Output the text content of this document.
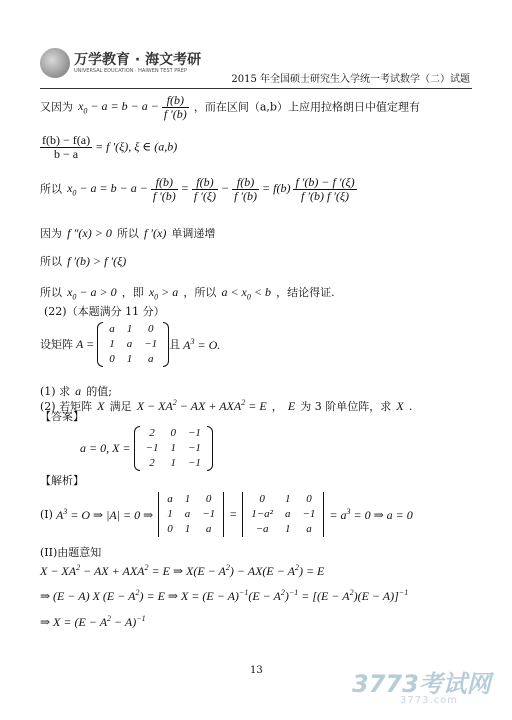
万学教育 · 海文考研
UNIVERSAL EDUCATION · HAIWEN TEST PREP
2015 年全国硕士研究生入学统一考试数学（二）试题
又因为 $x_0 - a = b - a - \frac{f(b)}{f '(b)}$ ，而在区间（a,b）上应用拉格朗日中值定理有
$\frac{f(b) - f(a)}{b - a} = f$ ′(ξ), ξ ∈ (a,b)
所以 $x_0 - a = b - a - \frac{f(b)}{f '(b)} = \frac{f(b)}{f '(\xi)} - \frac{f(b)}{f '(b)} = f(b) \frac{f '(b) - f '(\xi)}{f '(b) f '(\xi)}$
因为 f ″(x) > 0 所以 f ′(x) 单调递增
所以 f ′(b) > f ′(ξ)
所以 $x_0 - a > 0$ ，即 $x_0 > a$ ，所以 $a < x_0 < b$ ，结论得证.
(22)（本题满分 11 分）
设矩阵 A =
a	1	0
1	a	−1
0	1	a
且 $A^3 = O$.
(1) 求 a 的值;
(2) 若矩阵 X 满足 $X - XA^2$ − AX + $AXA^2 = E$ ， E 为 3 阶单位阵，求 X .
【答案】
a = 0, X =
2	0	−1
−1	1	−1
2	1	−1
【解析】
(I) $A^3 = O$ ⇒ |A| = 0 ⇒
a	1	0
1	a	−1
0	1	a
=
0	1	0
1−a²	a	−1
−a	1	a
= $a^3 = 0$ ⇒ a = 0
(II)由题意知
$X - XA^2$ − AX + $AXA^2 = E$ ⇒ $X(E - A^2) - AX(E - A^2) = E$
⇒ (E − A) X $(E - A^2) = E$ ⇒ $X = (E - A)^{-1}(E - A^2)^{-1} = [(E - A^2)(E - A)]^{-1}$
⇒ $X = (E - A^2 - A)^{-1}$
13	3773考试网
3773.com
